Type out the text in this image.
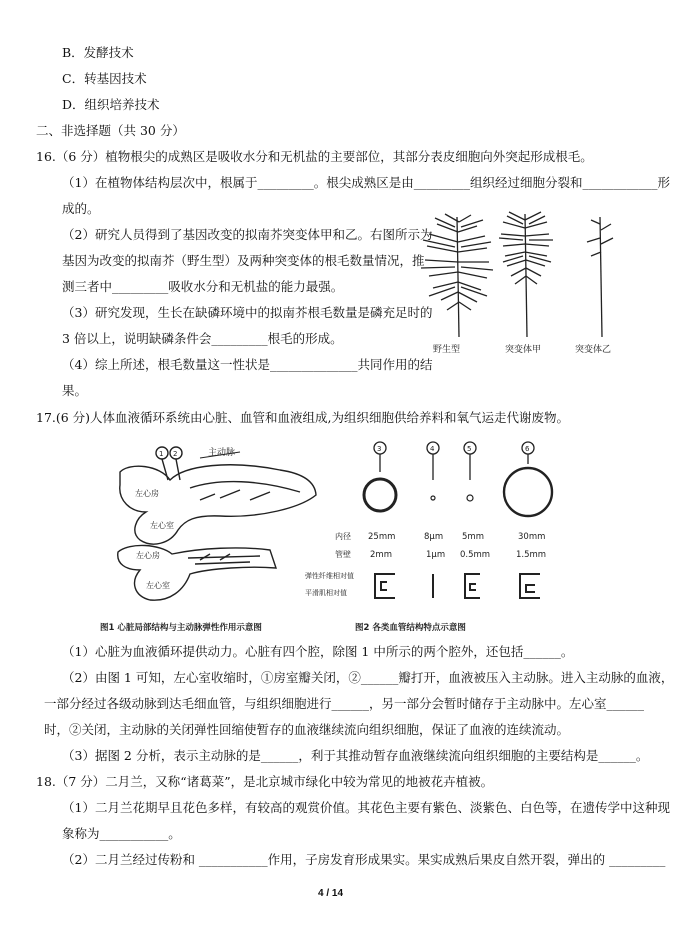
B．发酵技术
C．转基因技术
D．组织培养技术
二、非选择题（共 30 分）
16.（6 分）植物根尖的成熟区是吸收水分和无机盐的主要部位，其部分表皮细胞向外突起形成根毛。
（1）在植物体结构层次中，根属于_________。根尖成熟区是由_________组织经过细胞分裂和____________形
成的。
（2）研究人员得到了基因改变的拟南芥突变体甲和乙。右图所示为
基因为改变的拟南芥（野生型）及两种突变体的根毛数量情况，推
测三者中_________吸收水分和无机盐的能力最强。
（3）研究发现，生长在缺磷环境中的拟南芥根毛数量是磷充足时的
3 倍以上，说明缺磷条件会_________根毛的形成。
（4）综上所述，根毛数量这一性状是______________共同作用的结
果。
野生型	突变体甲	突变体乙
17.(6 分)人体血液循环系统由心脏、血管和血液组成,为组织细胞供给养料和氧气运走代谢废物。
左心房
左心室
1 2	主动脉
左心房
左心室
图1 心脏局部结构与主动脉弹性作用示意图
3	4	5	6
内径 25mm	8μm 5mm	30mm
管壁 2mm	1μm 0.5mm	1.5mm
弹性纤维相对值
平滑肌相对值
图2 各类血管结构特点示意图
（1）心脏为血液循环提供动力。心脏有四个腔，除图 1 中所示的两个腔外，还包括______。
（2）由图 1 可知，左心室收缩时，①房室瓣关闭，②______瓣打开，血液被压入主动脉。进入主动脉的血液，
一部分经过各级动脉到达毛细血管，与组织细胞进行______，另一部分会暂时储存于主动脉中。左心室______
时，②关闭，主动脉的关闭弹性回缩使暂存的血液继续流向组织细胞，保证了血液的连续流动。
（3）据图 2 分析，表示主动脉的是______，利于其推动暂存血液继续流向组织细胞的主要结构是______。
18.（7 分）二月兰，又称“诸葛菜”，是北京城市绿化中较为常见的地被花卉植被。
（1）二月兰花期早且花色多样，有较高的观赏价值。其花色主要有紫色、淡紫色、白色等，在遗传学中这种现
象称为___________。
（2）二月兰经过传粉和 ___________作用，子房发育形成果实。果实成熟后果皮自然开裂，弹出的 _________
4 / 14
